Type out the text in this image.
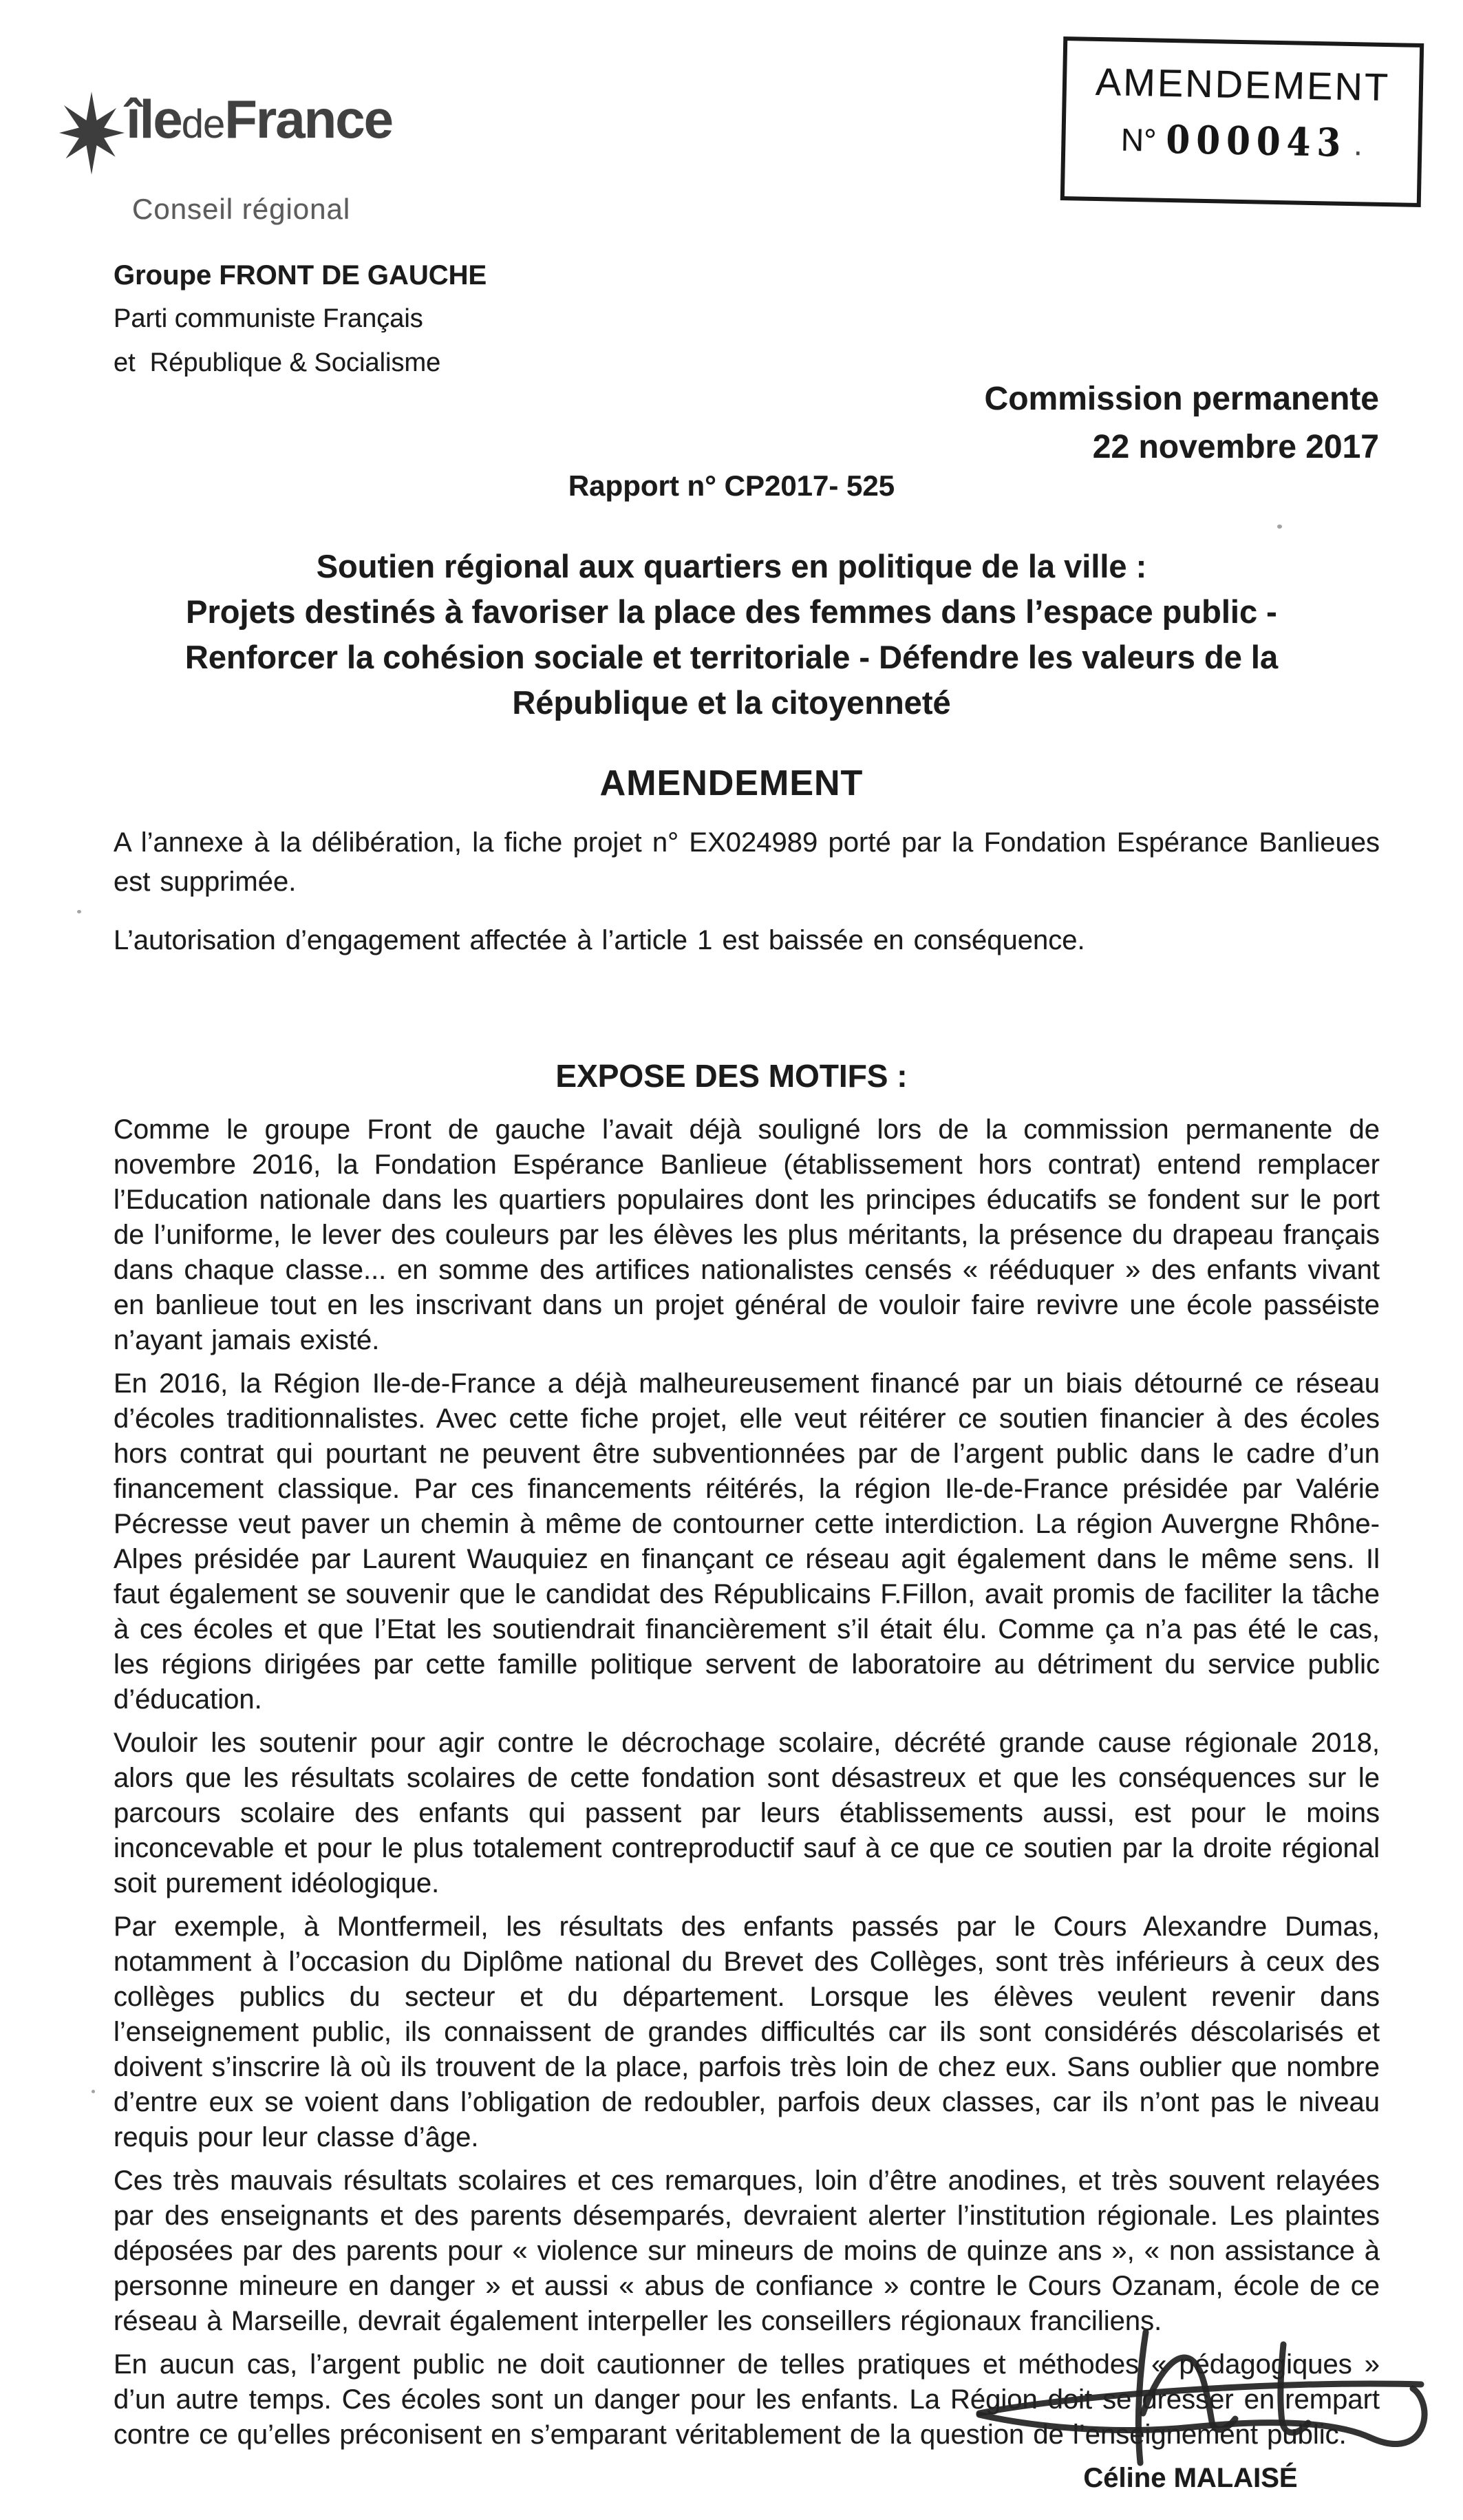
îledeFrance
Conseil régional
Groupe FRONT DE GAUCHE
Parti communiste Français
et  République & Socialisme
AMENDEMENT
N° 000043 .
Commission permanente
22 novembre 2017
Rapport n° CP2017- 525
Soutien régional aux quartiers en politique de la ville :
Projets destinés à favoriser la place des femmes dans l’espace public -
Renforcer la cohésion sociale et territoriale - Défendre les valeurs de la
République et la citoyenneté
AMENDEMENT

A l’annexe à la délibération, la fiche projet n° EX024989 porté par la Fondation Espérance Banlieues est supprimée.

L’autorisation d’engagement affectée à l’article 1 est baissée en conséquence.

EXPOSE DES MOTIFS :

Comme le groupe Front de gauche l’avait déjà souligné lors de la commission permanente de novembre 2016, la Fondation Espérance Banlieue (établissement hors contrat) entend remplacer l’Education nationale dans les quartiers populaires dont les principes éducatifs se fondent sur le port de l’uniforme, le lever des couleurs par les élèves les plus méritants, la présence du drapeau français dans chaque classe... en somme des artifices nationalistes censés « rééduquer » des enfants vivant en banlieue tout en les inscrivant dans un projet général de vouloir faire revivre une école passéiste n’ayant jamais existé.

En 2016, la Région Ile-de-France a déjà malheureusement financé par un biais détourné ce réseau d’écoles traditionnalistes. Avec cette fiche projet, elle veut réitérer ce soutien financier à des écoles hors contrat qui pourtant ne peuvent être subventionnées par de l’argent public dans le cadre d’un financement classique. Par ces financements réitérés, la région Ile-de-France présidée par Valérie Pécresse veut paver un chemin à même de contourner cette interdiction. La région Auvergne Rhône-Alpes présidée par Laurent Wauquiez en finançant ce réseau agit également dans le même sens. Il faut également se souvenir que le candidat des Républicains F.Fillon, avait promis de faciliter la tâche à ces écoles et que l’Etat les soutiendrait financièrement s’il était élu. Comme ça n’a pas été le cas, les régions dirigées par cette famille politique servent de laboratoire au détriment du service public d’éducation.

Vouloir les soutenir pour agir contre le décrochage scolaire, décrété grande cause régionale 2018, alors que les résultats scolaires de cette fondation sont désastreux et que les conséquences sur le parcours scolaire des enfants qui passent par leurs établissements aussi, est pour le moins inconcevable et pour le plus totalement contreproductif sauf à ce que ce soutien par la droite régional soit purement idéologique.

Par exemple, à Montfermeil, les résultats des enfants passés par le Cours Alexandre Dumas, notamment à l’occasion du Diplôme national du Brevet des Collèges, sont très inférieurs à ceux des collèges publics du secteur et du département. Lorsque les élèves veulent revenir dans l’enseignement public, ils connaissent de grandes difficultés car ils sont considérés déscolarisés et doivent s’inscrire là où ils trouvent de la place, parfois très loin de chez eux. Sans oublier que nombre d’entre eux se voient dans l’obligation de redoubler, parfois deux classes, car ils n’ont pas le niveau requis pour leur classe d’âge.

Ces très mauvais résultats scolaires et ces remarques, loin d’être anodines, et très souvent relayées par des enseignants et des parents désemparés, devraient alerter l’institution régionale. Les plaintes déposées par des parents pour « violence sur mineurs de moins de quinze ans », « non assistance à personne mineure en danger » et aussi « abus de confiance » contre le Cours Ozanam, école de ce réseau à Marseille, devrait également interpeller les conseillers régionaux franciliens.

En aucun cas, l’argent public ne doit cautionner de telles pratiques et méthodes « pédagogiques » d’un autre temps. Ces écoles sont un danger pour les enfants. La Région doit se dresser en rempart contre ce qu’elles préconisent en s’emparant véritablement de la question de l’enseignement public.

Céline MALAISÉ
